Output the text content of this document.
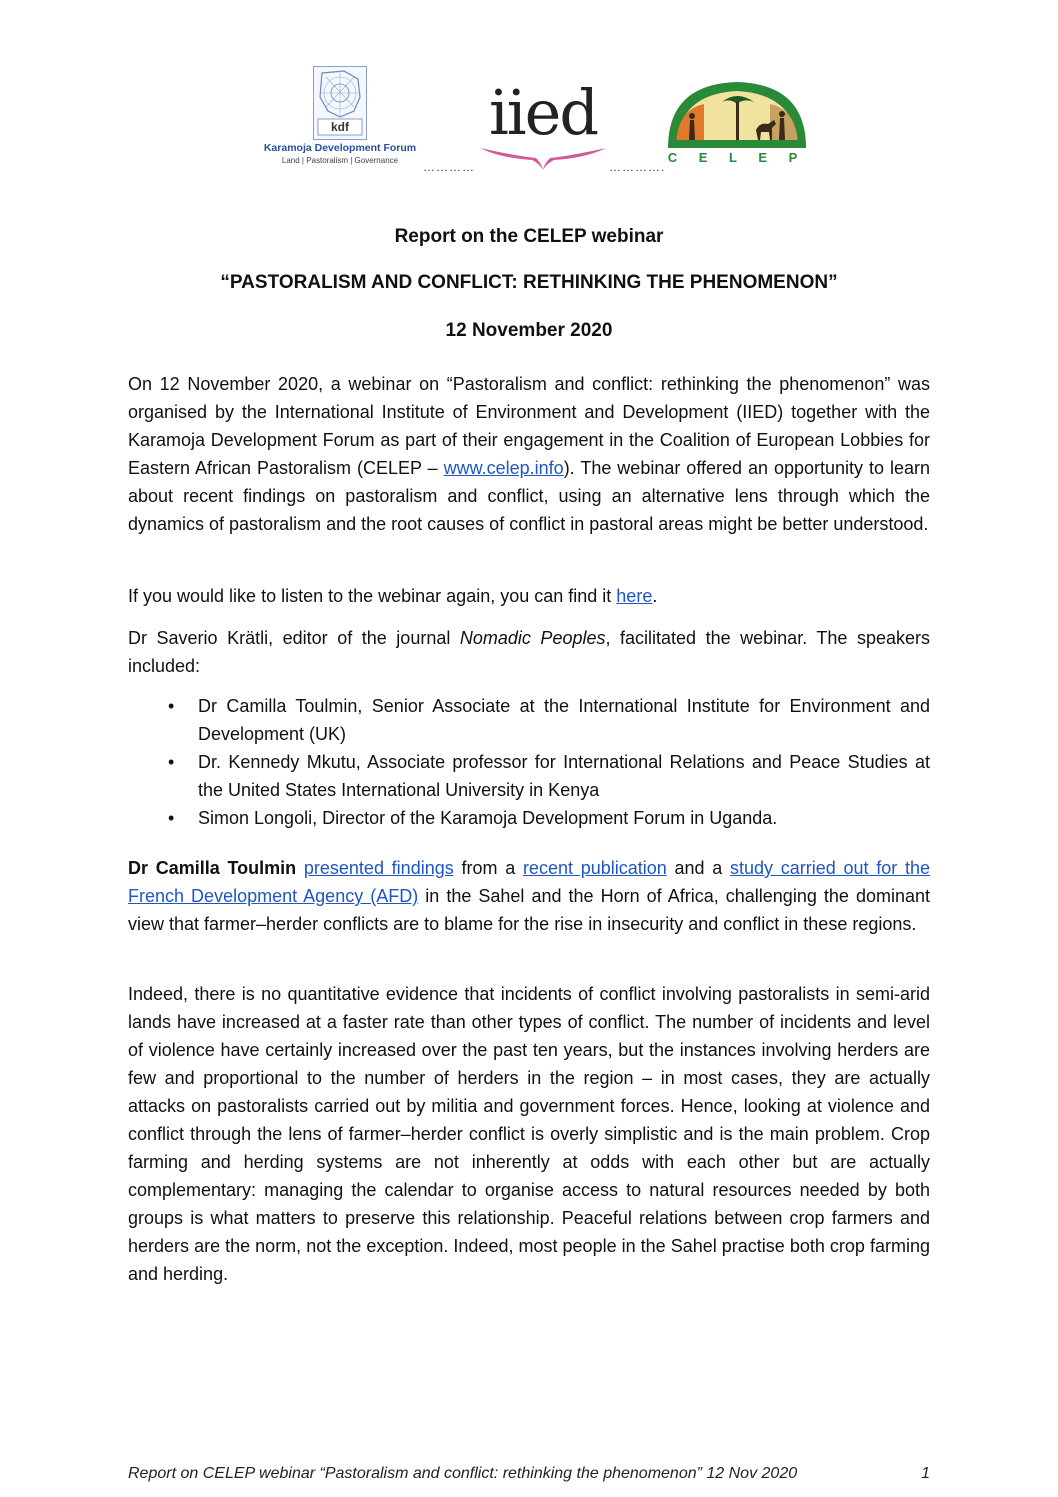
kdf
Karamoja Development Forum
Land | Pastoralism | Governance	…………
iied
………….
C E L E P
Report on the CELEP webinar
“PASTORALISM AND CONFLICT: RETHINKING THE PHENOMENON”
12 November 2020
On 12 November 2020, a webinar on “Pastoralism and conflict: rethinking the phenomenon” was organised by the International Institute of Environment and Development (IIED) together with the Karamoja Development Forum as part of their engagement in the Coalition of European Lobbies for Eastern African Pastoralism (CELEP – www.celep.info). The webinar offered an opportunity to learn about recent findings on pastoralism and conflict, using an alternative lens through which the dynamics of pastoralism and the root causes of conflict in pastoral areas might be better understood.
If you would like to listen to the webinar again, you can find it here.
Dr Saverio Krätli, editor of the journal Nomadic Peoples, facilitated the webinar. The speakers included:
• Dr Camilla Toulmin, Senior Associate at the International Institute for Environment and Development (UK)
• Dr. Kennedy Mkutu, Associate professor for International Relations and Peace Studies at the United States International University in Kenya
• Simon Longoli, Director of the Karamoja Development Forum in Uganda.
Dr Camilla Toulmin presented findings from a recent publication and a study carried out for the French Development Agency (AFD) in the Sahel and the Horn of Africa, challenging the dominant view that farmer–herder conflicts are to blame for the rise in insecurity and conflict in these regions.
Indeed, there is no quantitative evidence that incidents of conflict involving pastoralists in semi-arid lands have increased at a faster rate than other types of conflict. The number of incidents and level of violence have certainly increased over the past ten years, but the instances involving herders are few and proportional to the number of herders in the region – in most cases, they are actually attacks on pastoralists carried out by militia and government forces. Hence, looking at violence and conflict through the lens of farmer–herder conflict is overly simplistic and is the main problem. Crop farming and herding systems are not inherently at odds with each other but are actually complementary: managing the calendar to organise access to natural resources needed by both groups is what matters to preserve this relationship. Peaceful relations between crop farmers and herders are the norm, not the exception. Indeed, most people in the Sahel practise both crop farming and herding.
Report on CELEP webinar “Pastoralism and conflict: rethinking the phenomenon” 12 Nov 2020	1
